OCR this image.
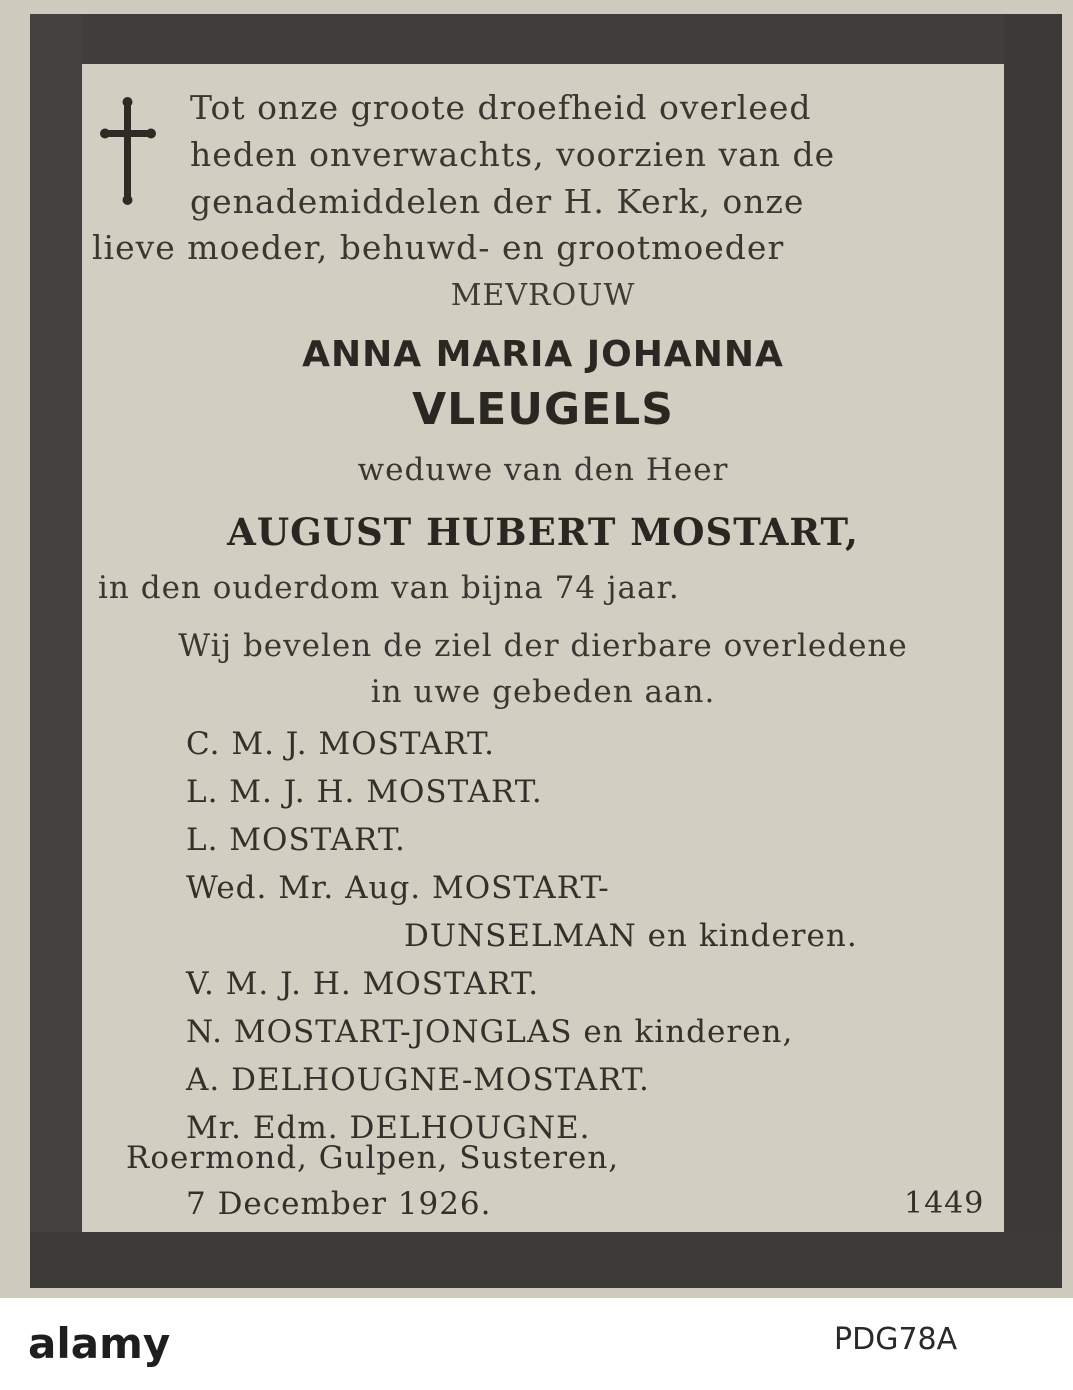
Tot onze groote droefheid overleed
heden onverwachts, voorzien van de
genademiddelen der H. Kerk, onze
lieve moeder, behuwd- en grootmoeder
MEVROUW
ANNA MARIA JOHANNA
VLEUGELS
weduwe van den Heer
AUGUST HUBERT MOSTART,
in den ouderdom van bijna 74 jaar.
Wij bevelen de ziel der dierbare overledene
in uwe gebeden aan.
C. M. J. MOSTART.
L. M. J. H. MOSTART.
L. MOSTART.
Wed. Mr. Aug. MOSTART-
DUNSELMAN en kinderen.
V. M. J. H. MOSTART.
N. MOSTART-JONGLAS en kinderen,
A. DELHOUGNE-MOSTART.
Mr. Edm. DELHOUGNE.
Roermond, Gulpen, Susteren,
7 December 1926.	1449
alamy	PDG78A
